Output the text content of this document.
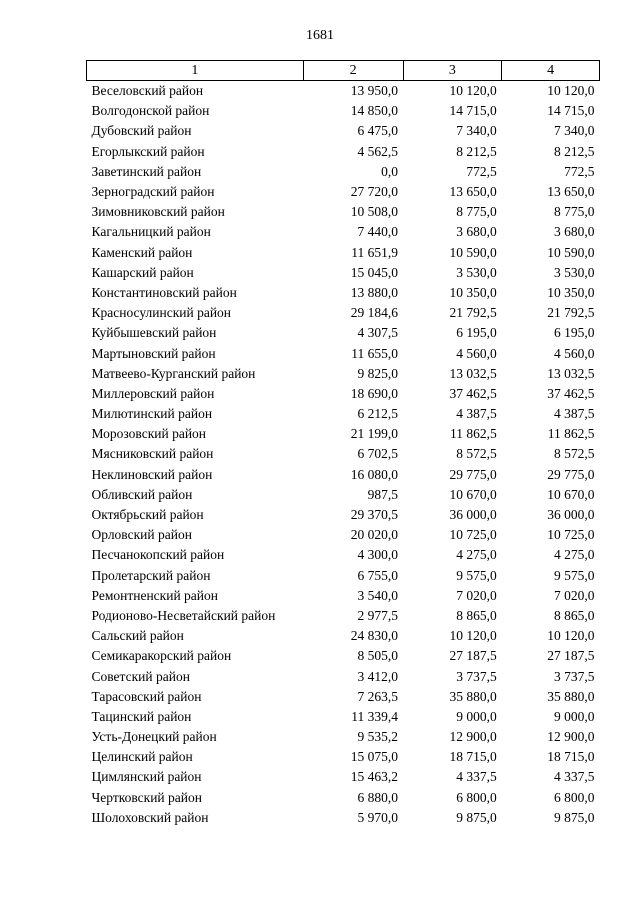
1681
1	2	3	4
Веселовский район	13 950,0	10 120,0	10 120,0
Волгодонской район	14 850,0	14 715,0	14 715,0
Дубовский район	6 475,0	7 340,0	7 340,0
Егорлыкский район	4 562,5	8 212,5	8 212,5
Заветинский район	0,0	772,5	772,5
Зерноградский район	27 720,0	13 650,0	13 650,0
Зимовниковский район	10 508,0	8 775,0	8 775,0
Кагальницкий район	7 440,0	3 680,0	3 680,0
Каменский район	11 651,9	10 590,0	10 590,0
Кашарский район	15 045,0	3 530,0	3 530,0
Константиновский район	13 880,0	10 350,0	10 350,0
Красносулинский район	29 184,6	21 792,5	21 792,5
Куйбышевский район	4 307,5	6 195,0	6 195,0
Мартыновский район	11 655,0	4 560,0	4 560,0
Матвеево-Курганский район	9 825,0	13 032,5	13 032,5
Миллеровский район	18 690,0	37 462,5	37 462,5
Милютинский район	6 212,5	4 387,5	4 387,5
Морозовский район	21 199,0	11 862,5	11 862,5
Мясниковский район	6 702,5	8 572,5	8 572,5
Неклиновский район	16 080,0	29 775,0	29 775,0
Обливский район	987,5	10 670,0	10 670,0
Октябрьский район	29 370,5	36 000,0	36 000,0
Орловский район	20 020,0	10 725,0	10 725,0
Песчанокопский район	4 300,0	4 275,0	4 275,0
Пролетарский район	6 755,0	9 575,0	9 575,0
Ремонтненский район	3 540,0	7 020,0	7 020,0
Родионово-Несветайский район	2 977,5	8 865,0	8 865,0
Сальский район	24 830,0	10 120,0	10 120,0
Семикаракорский район	8 505,0	27 187,5	27 187,5
Советский район	3 412,0	3 737,5	3 737,5
Тарасовский район	7 263,5	35 880,0	35 880,0
Тацинский район	11 339,4	9 000,0	9 000,0
Усть-Донецкий район	9 535,2	12 900,0	12 900,0
Целинский район	15 075,0	18 715,0	18 715,0
Цимлянский район	15 463,2	4 337,5	4 337,5
Чертковский район	6 880,0	6 800,0	6 800,0
Шолоховский район	5 970,0	9 875,0	9 875,0
